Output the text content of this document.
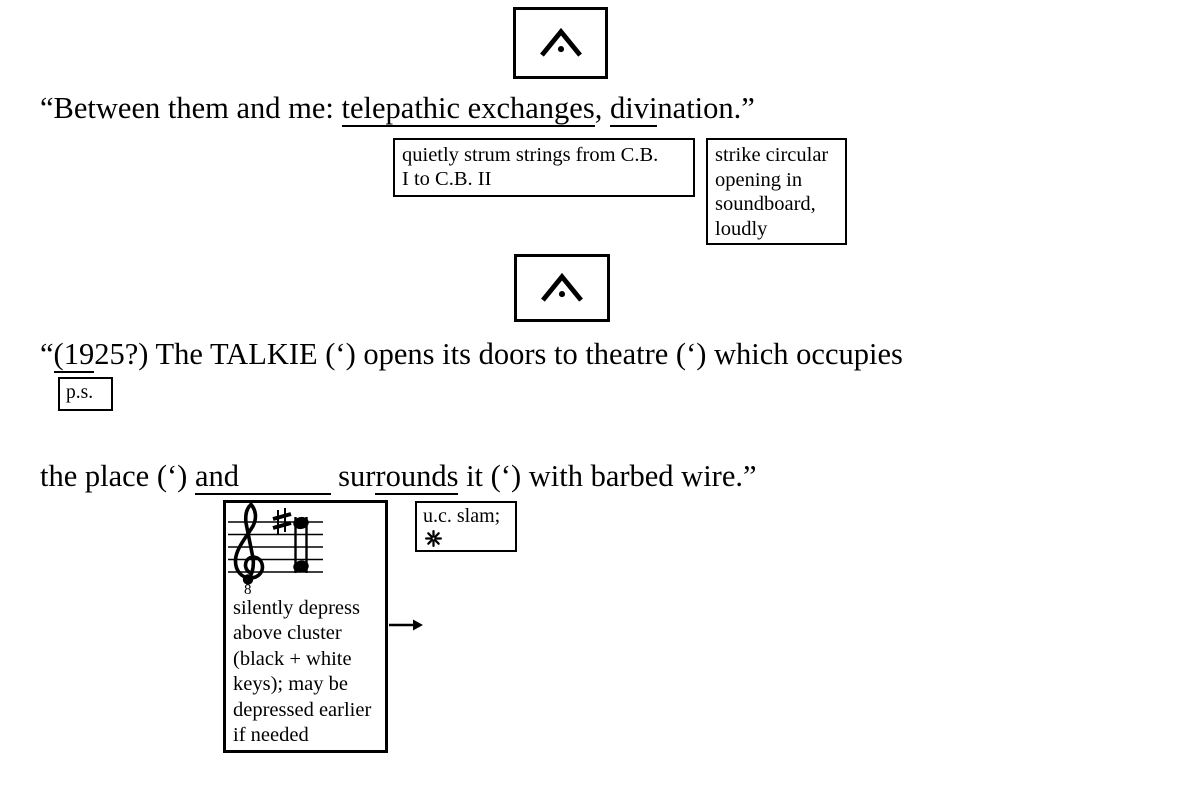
“Between them and me: telepathic exchanges, divination.”
quietly strum strings from C.B.
I to C.B. II
strike circular
opening in
soundboard,
loudly
“(1925?) The TALKIE (‘) opens its doors to theatre (‘) which occupies
p.s.
the place (‘) and	surrounds it (‘) with barbed wire.”
8
silently depress
above cluster
(black + white
keys); may be
depressed earlier
if needed
u.c. slam;
